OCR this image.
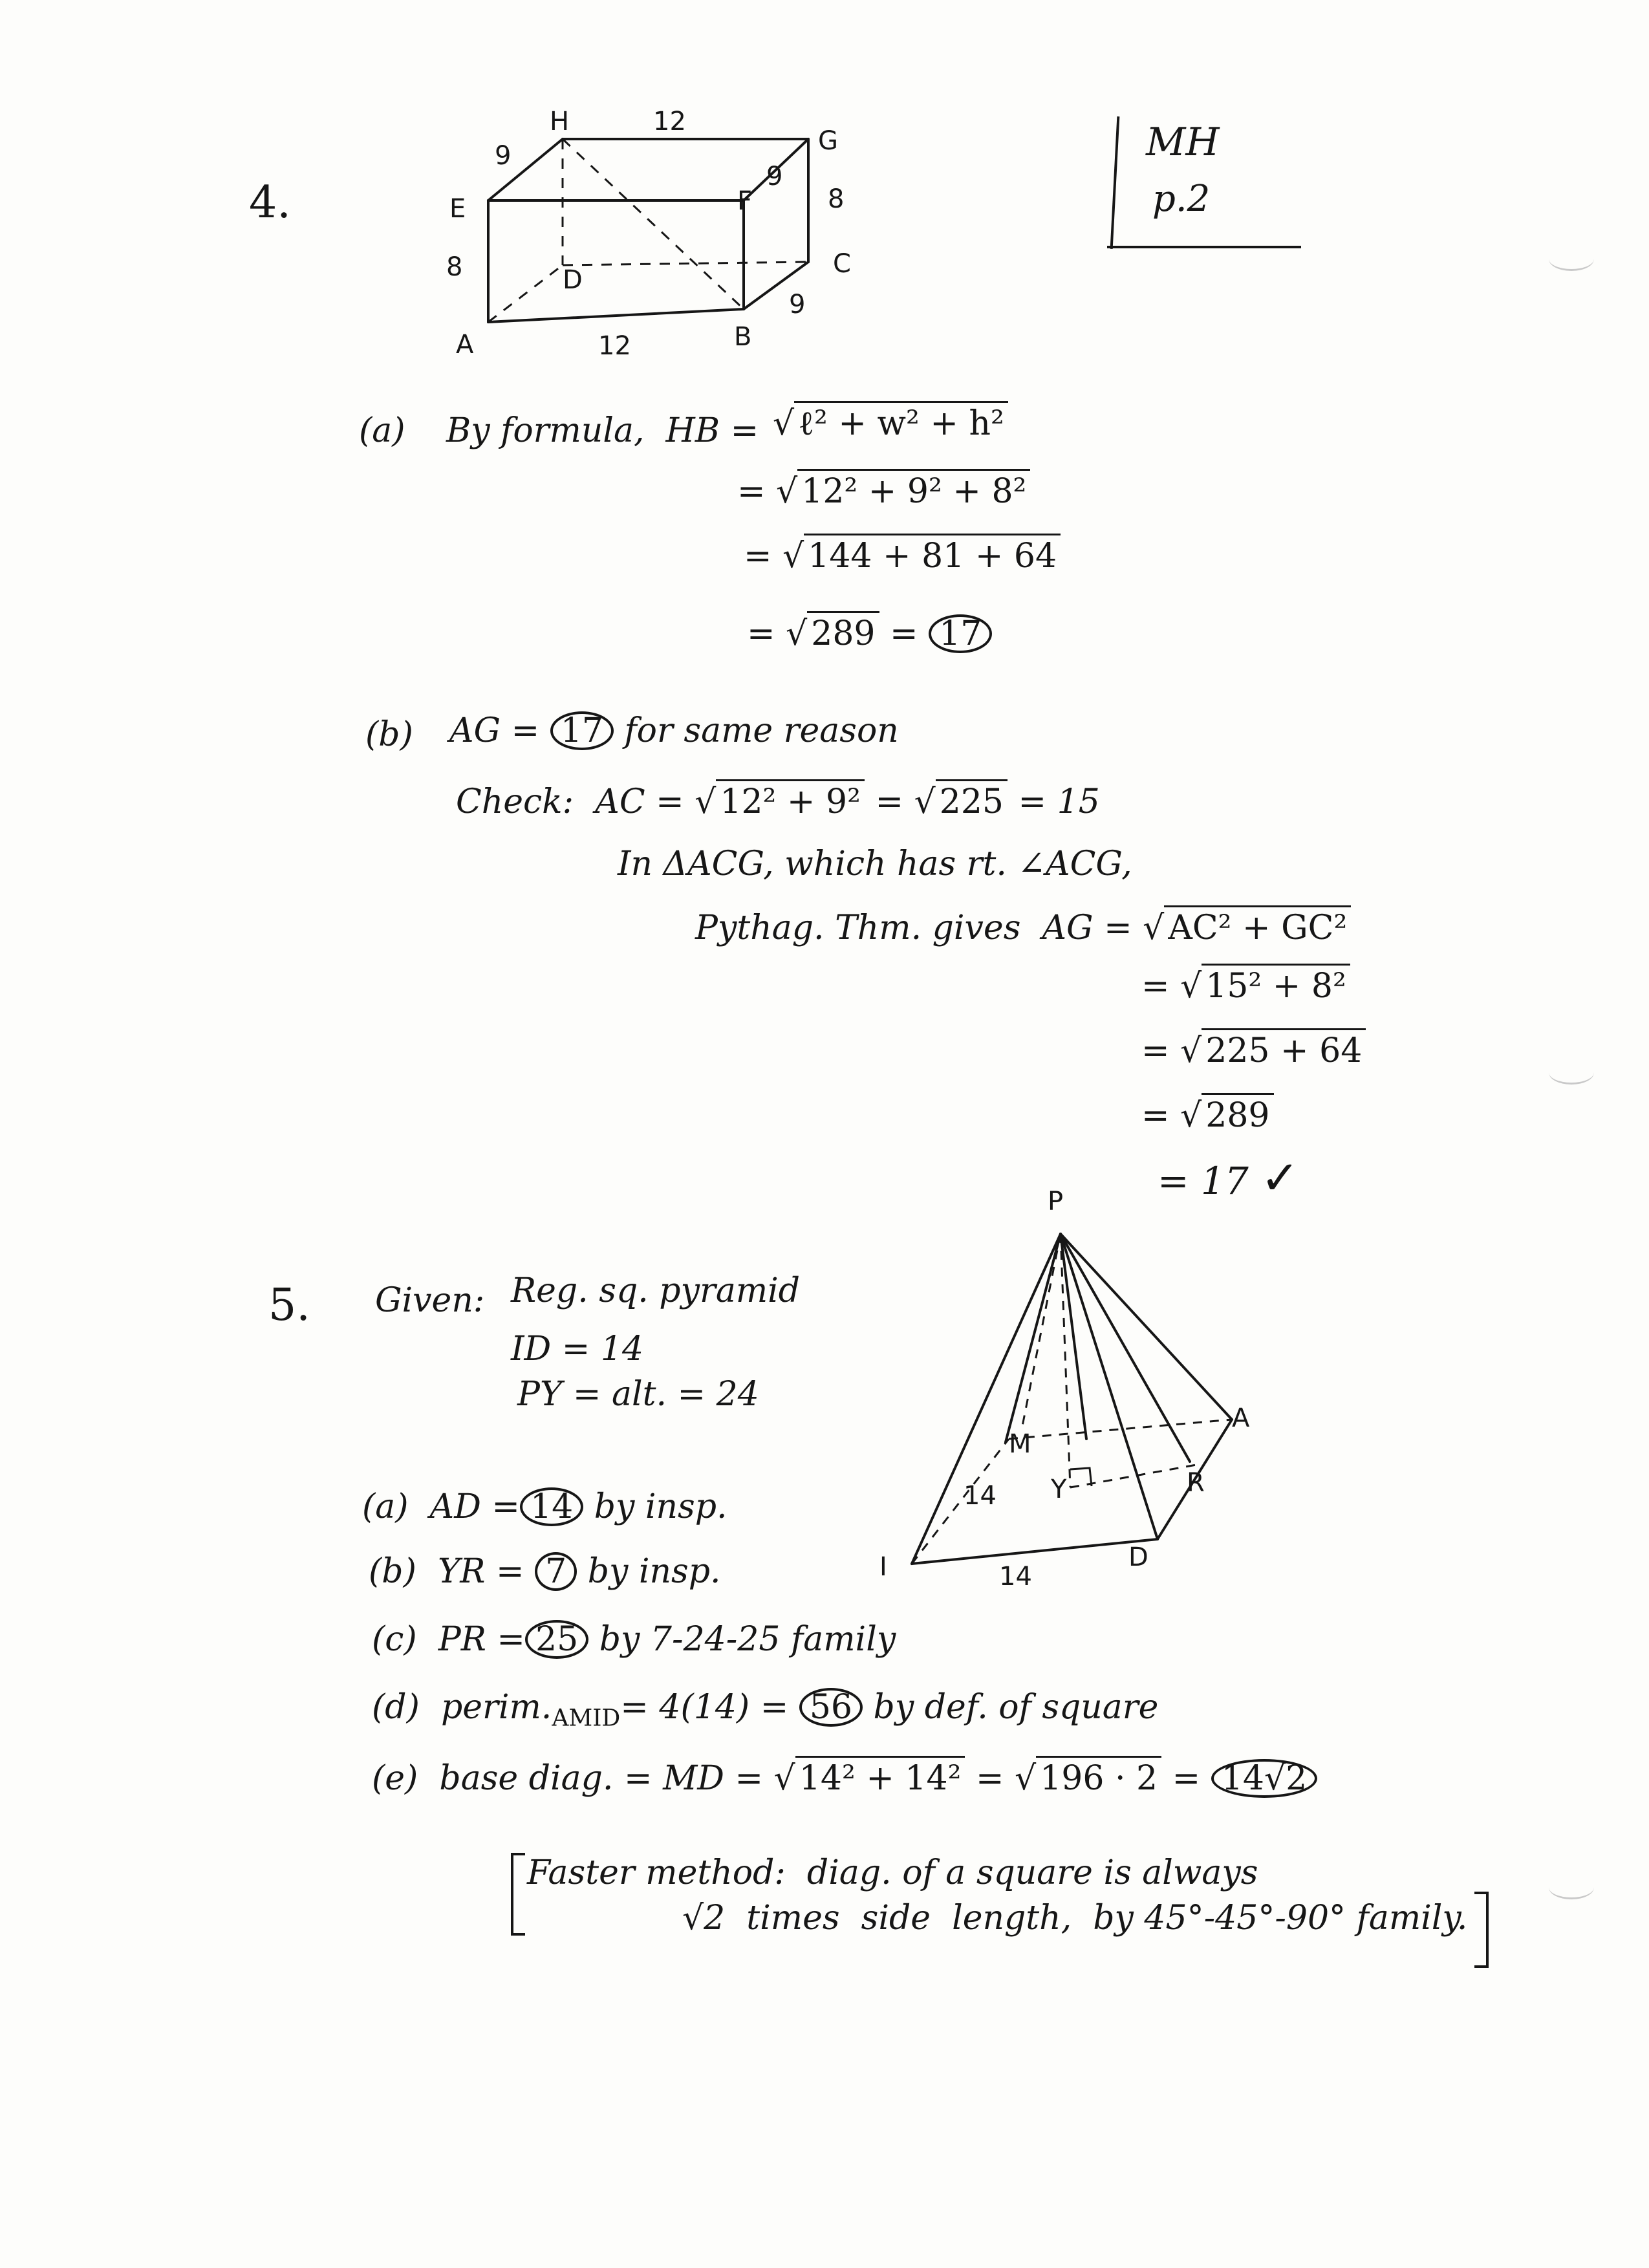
MH
p.2
4.
H
G
E	F
D
C
A	B
12
9
9
8
8
12
9
(a) By formula,  HB = √ ℓ² + w² + h²
= √ 12² + 9² + 8²
= √ 144 + 81 + 64
= √ 289 = 17
(b) AG = 17 for same reason
Check: AC = √ 12² + 9² = √ 225 = 15
In ΔACG, which has rt. ∠ACG,
Pythag. Thm. gives  AG = √ AC² + GC²
= √ 15² + 8²
= √ 225 + 64
= √ 289
= 17 ✓
5. Given: Reg. sq. pyramid
ID = 14
PY = alt. = 24
P
A
M
R
Y
I	D
14
14
(a) AD = 14 by insp.
(b) YR = 7 by insp.
(c) PR = 25 by 7-24-25 family
(d) $perim._{AMID}= 4(14) = 56$ by def. of square
(e) base diag. = MD = √ 14² + 14² = √ 196 · 2 = 14√2
Faster method:  diag. of a square is always
√2  times  side  length,  by 45°-45°-90° family.
